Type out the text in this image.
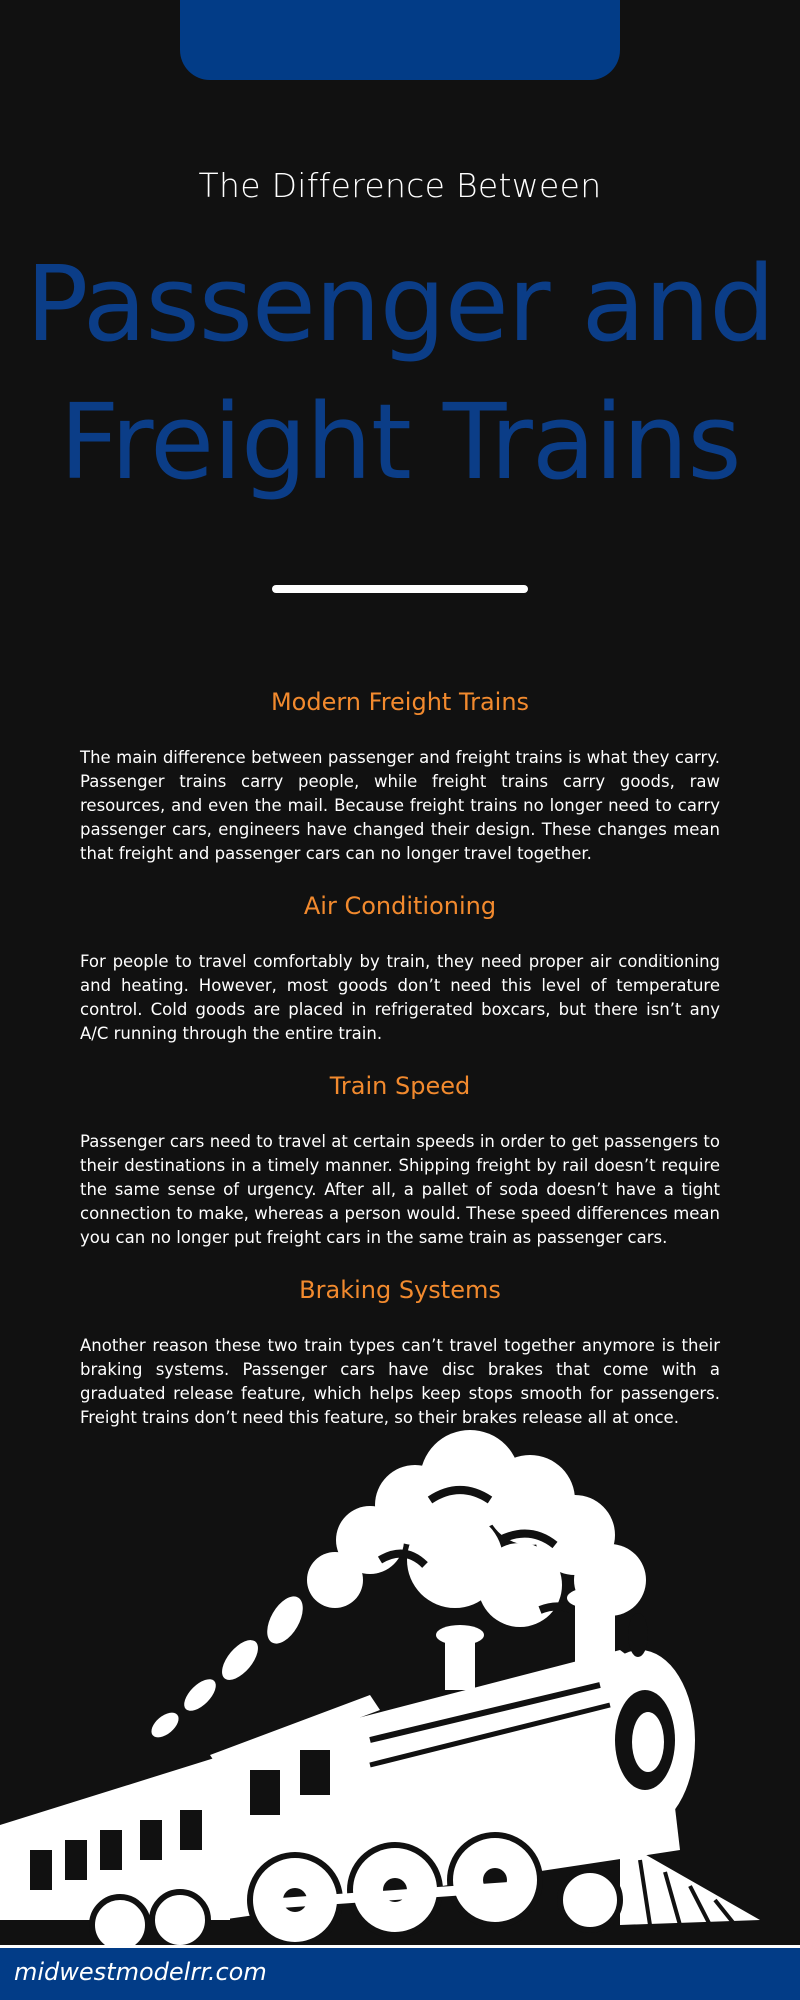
The Difference Between
Passenger and
Freight Trains
Modern Freight Trains

The main difference between passenger and freight trains is what they carry. Passenger trains carry people, while freight trains carry goods, raw resources, and even the mail. Because freight trains no longer need to carry passenger cars, engineers have changed their design. These changes mean that freight and passenger cars can no longer travel together.

Air Conditioning

For people to travel comfortably by train, they need proper air conditioning and heating. However, most goods don’t need this level of temperature control. Cold goods are placed in refrigerated boxcars, but there isn’t any A/C running through the entire train.

Train Speed

Passenger cars need to travel at certain speeds in order to get passengers to their destinations in a timely manner. Shipping freight by rail doesn’t require the same sense of urgency. After all, a pallet of soda doesn’t have a tight connection to make, whereas a person would. These speed differences mean you can no longer put freight cars in the same train as passenger cars.

Braking Systems

Another reason these two train types can’t travel together anymore is their braking systems. Passenger cars have disc brakes that come with a graduated release feature, which helps keep stops smooth for passengers. Freight trains don’t need this feature, so their brakes release all at once.

midwestmodelrr.com
